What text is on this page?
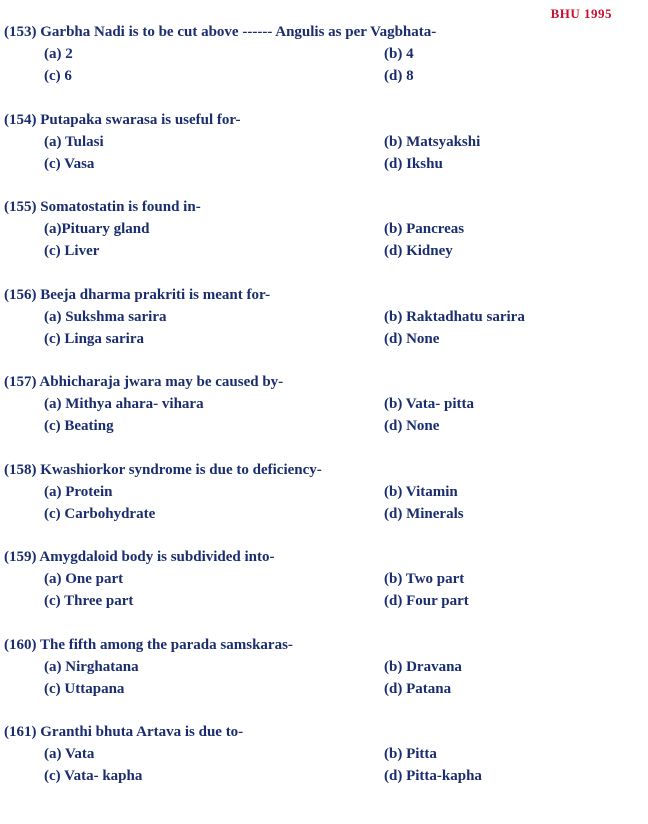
BHU 1995
(153) Garbha Nadi is to be cut above ------ Angulis as per Vagbhata-
(a) 2	(b) 4
(c) 6	(d) 8
(154) Putapaka swarasa is useful for-
(a) Tulasi	(b) Matsyakshi
(c) Vasa	(d) Ikshu
(155) Somatostatin is found in-
(a)Pituary gland	(b) Pancreas
(c) Liver	(d) Kidney
(156) Beeja dharma prakriti is meant for-
(a) Sukshma sarira	(b) Raktadhatu sarira
(c) Linga sarira	(d) None
(157) Abhicharaja jwara may be caused by-
(a) Mithya ahara- vihara	(b) Vata- pitta
(c) Beating	(d) None
(158) Kwashiorkor syndrome is due to deficiency-
(a) Protein	(b) Vitamin
(c) Carbohydrate	(d) Minerals
(159) Amygdaloid body is subdivided into-
(a) One part	(b) Two part
(c) Three part	(d) Four part
(160) The fifth among the parada samskaras-
(a) Nirghatana	(b) Dravana
(c) Uttapana	(d) Patana
(161) Granthi bhuta Artava is due to-
(a) Vata	(b) Pitta
(c) Vata- kapha	(d) Pitta-kapha
